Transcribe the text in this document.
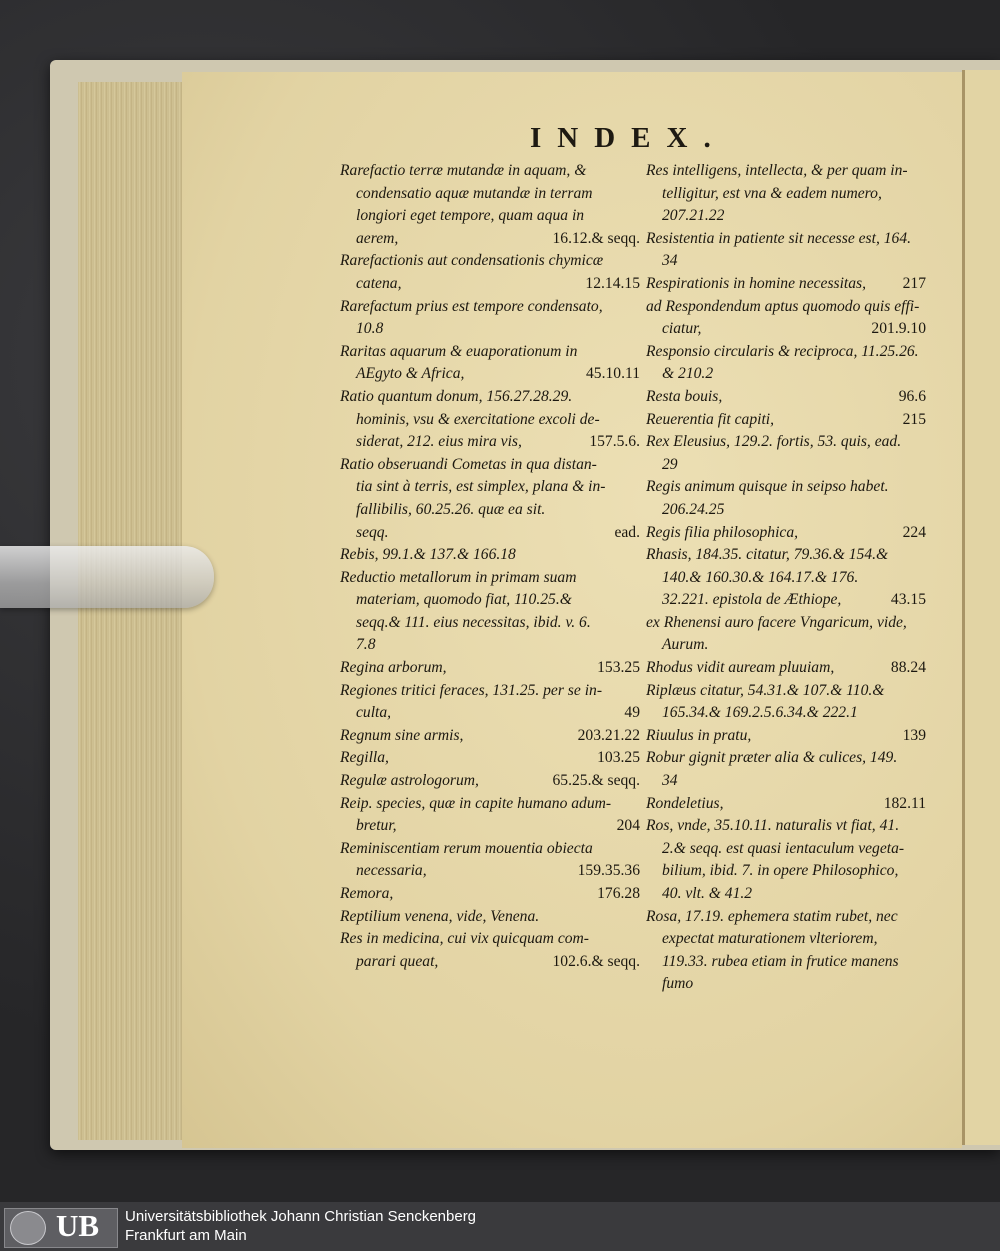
INDEX.
Rarefactio terræ mutandæ in aquam, &
condensatio aquæ mutandæ in terram
longiori eget tempore, quam aqua in
16.12.& seqq.
aerem,
Rarefactionis aut condensationis chymicæ
12.14.15
catena,
Rarefactum prius est tempore condensato,
10.8
Raritas aquarum & euaporationum in
45.10.11
AEgyto & Africa,
Ratio quantum donum, 156.27.28.29.
hominis, vsu & exercitatione excoli de-
157.5.6.
siderat, 212. eius mira vis,
Ratio obseruandi Cometas in qua distan-
tia sint à terris, est simplex, plana & in-
fallibilis, 60.25.26. quæ ea sit.
ead.
seqq.
Rebis, 99.1.& 137.& 166.18
Reductio metallorum in primam suam
materiam, quomodo fiat, 110.25.&
seqq.& 111. eius necessitas, ibid. v. 6.
7.8
153.25
Regina arborum,
Regiones tritici feraces, 131.25. per se in-
49
culta,
203.21.22
Regnum sine armis,
103.25
Regilla,
65.25.& seqq.
Regulæ astrologorum,
Reip. species, quæ in capite humano adum-
204
bretur,
Reminiscentiam rerum mouentia obiecta
159.35.36
necessaria,
176.28
Remora,
Reptilium venena, vide, Venena.
Res in medicina, cui vix quicquam com-
102.6.& seqq.
parari queat,
Res intelligens, intellecta, & per quam in-
telligitur, est vna & eadem numero,
207.21.22
Resistentia in patiente sit necesse est, 164.
34
217
Respirationis in homine necessitas,
ad Respondendum aptus quomodo quis effi-
201.9.10
ciatur,
Responsio circularis & reciproca, 11.25.26.
& 210.2
96.6
Resta bouis,
215
Reuerentia fit capiti,
Rex Eleusius, 129.2. fortis, 53. quis, ead.
29
Regis animum quisque in seipso habet.
206.24.25
224
Regis filia philosophica,
Rhasis, 184.35. citatur, 79.36.& 154.&
140.& 160.30.& 164.17.& 176.
43.15
32.221. epistola de Æthiope,
ex Rhenensi auro facere Vngaricum, vide,
Aurum.
88.24
Rhodus vidit auream pluuiam,
Riplæus citatur, 54.31.& 107.& 110.&
165.34.& 169.2.5.6.34.& 222.1
139
Riuulus in pratu,
Robur gignit præter alia & culices, 149.
34
182.11
Rondeletius,
Ros, vnde, 35.10.11. naturalis vt fiat, 41.
2.& seqq. est quasi ientaculum vegeta-
bilium, ibid. 7. in opere Philosophico,
40. vlt. & 41.2
Rosa, 17.19. ephemera statim rubet, nec
expectat maturationem vlteriorem,
119.33. rubea etiam in frutice manens
fumo
UB Universitätsbibliothek Johann Christian Senckenberg
Frankfurt am Main
